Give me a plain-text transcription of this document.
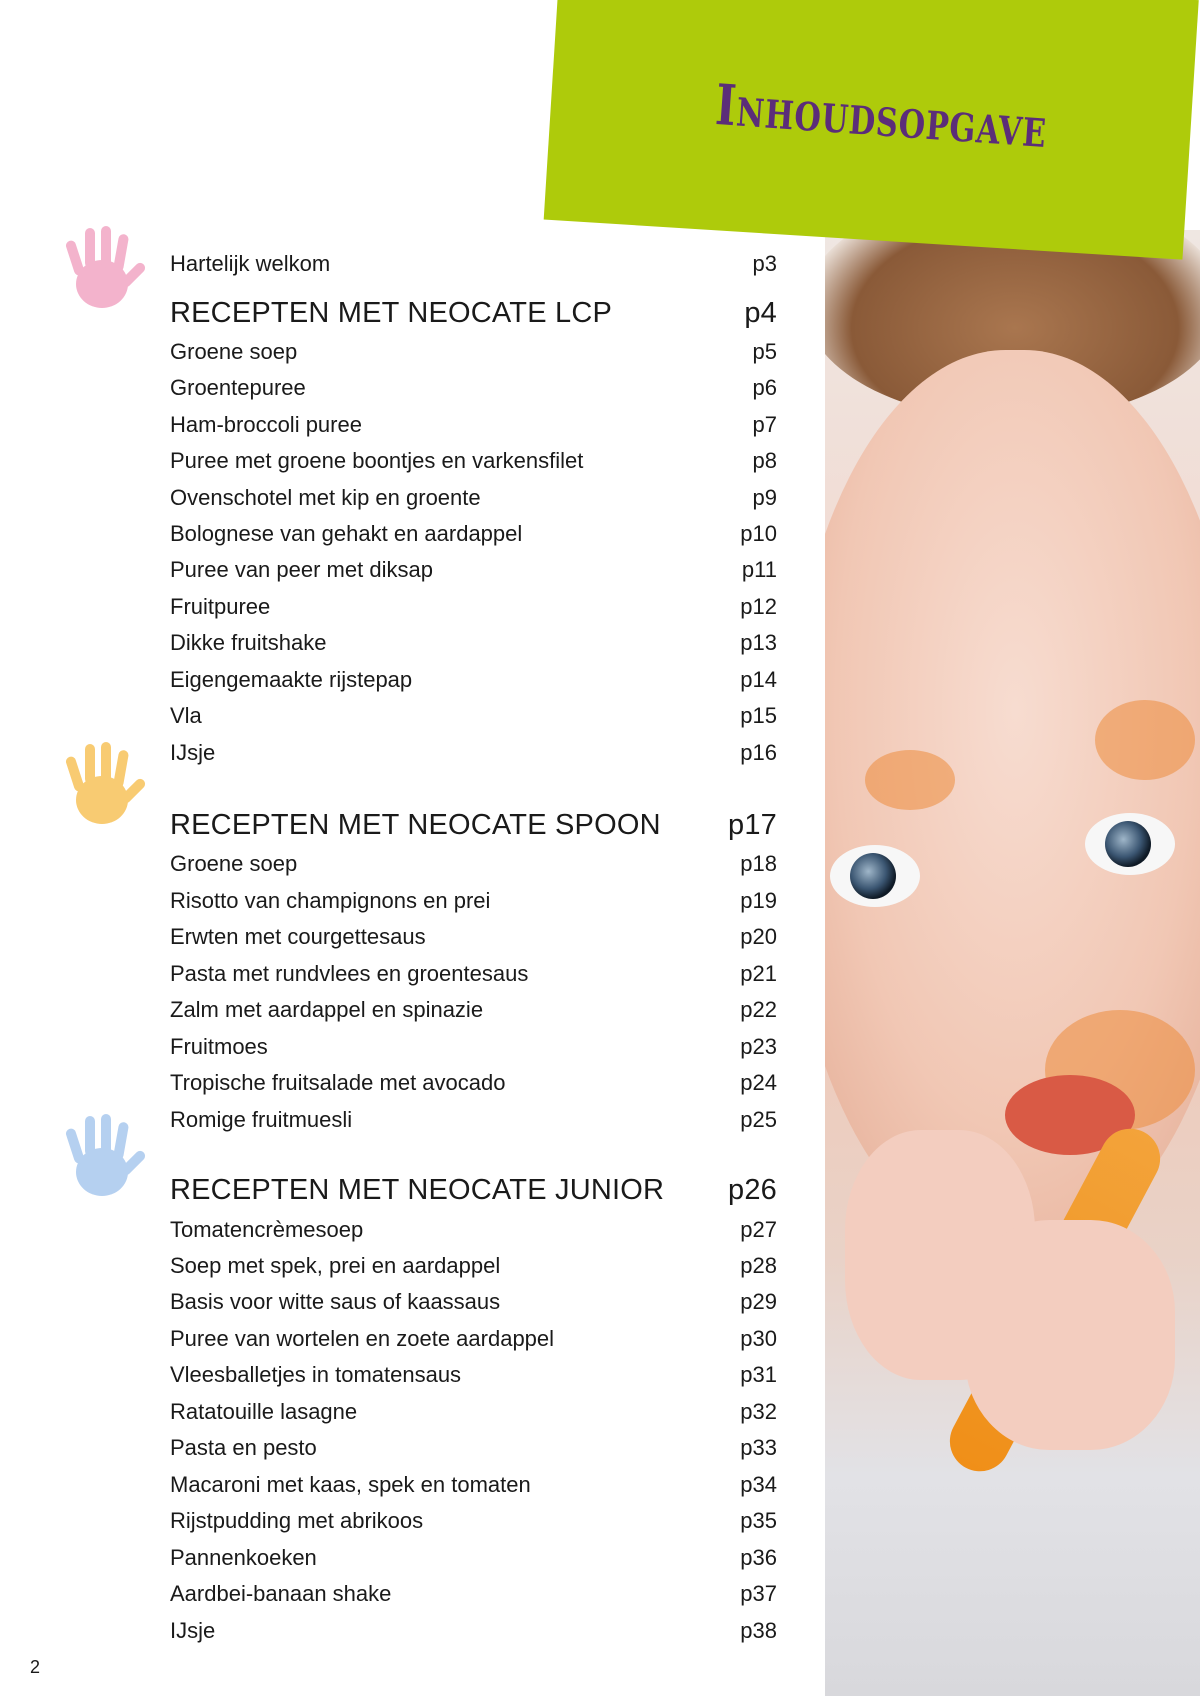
Inhoudsopgave
Hartelijk welkom	p3
RECEPTEN MET NEOCATE LCP	p4
Groene soep	p5
Groentepuree	p6
Ham-broccoli puree	p7
Puree met groene boontjes en varkensfilet	p8
Ovenschotel met kip en groente	p9
Bolognese van gehakt en aardappel	p10
Puree van peer met diksap	p11
Fruitpuree	p12
Dikke fruitshake	p13
Eigengemaakte rijstepap	p14
Vla	p15
IJsje	p16
RECEPTEN MET NEOCATE SPOON p17
Groene soep	p18
Risotto van champignons en prei	p19
Erwten met courgettesaus	p20
Pasta met rundvlees en groentesaus	p21
Zalm met aardappel en spinazie	p22
Fruitmoes	p23
Tropische fruitsalade met avocado	p24
Romige fruitmuesli	p25
RECEPTEN MET NEOCATE JUNIOR p26
Tomatencrèmesoep	p27
Soep met spek, prei en aardappel	p28
Basis voor witte saus of kaassaus	p29
Puree van wortelen en zoete aardappel	p30
Vleesballetjes in tomatensaus	p31
Ratatouille lasagne	p32
Pasta en pesto	p33
Macaroni met kaas, spek en tomaten	p34
Rijstpudding met abrikoos	p35
Pannenkoeken	p36
Aardbei-banaan shake	p37
IJsje	p38
2
